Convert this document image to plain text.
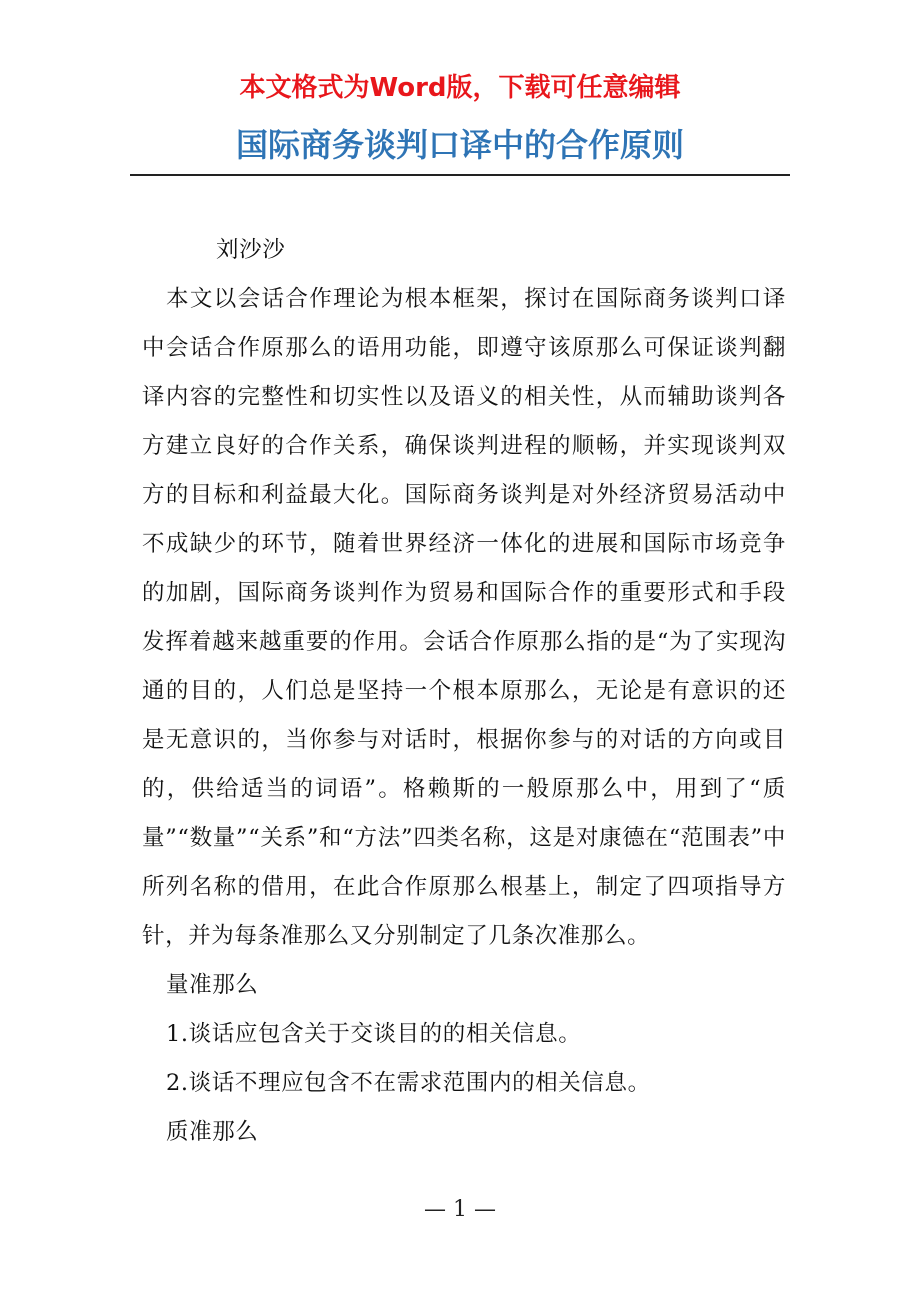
本文格式为Word版，下载可任意编辑
国际商务谈判口译中的合作原则

刘沙沙

本文以会话合作理论为根本框架，探讨在国际商务谈判口译中会话合作原那么的语用功能，即遵守该原那么可保证谈判翻译内容的完整性和切实性以及语义的相关性，从而辅助谈判各方建立良好的合作关系，确保谈判进程的顺畅，并实现谈判双方的目标和利益最大化。国际商务谈判是对外经济贸易活动中不成缺少的环节，随着世界经济一体化的进展和国际市场竞争的加剧，国际商务谈判作为贸易和国际合作的重要形式和手段发挥着越来越重要的作用。会话合作原那么指的是“为了实现沟通的目的，人们总是坚持一个根本原那么，无论是有意识的还是无意识的，当你参与对话时，根据你参与的对话的方向或目的，供给适当的词语”。格赖斯的一般原那么中，用到了“质量”“数量”“关系”和“方法”四类名称，这是对康德在“范围表”中所列名称的借用，在此合作原那么根基上，制定了四项指导方针，并为每条准那么又分别制定了几条次准那么。

量准那么

1.谈话应包含关于交谈目的的相关信息。

2.谈话不理应包含不在需求范围内的相关信息。

质准那么

— 1 —
